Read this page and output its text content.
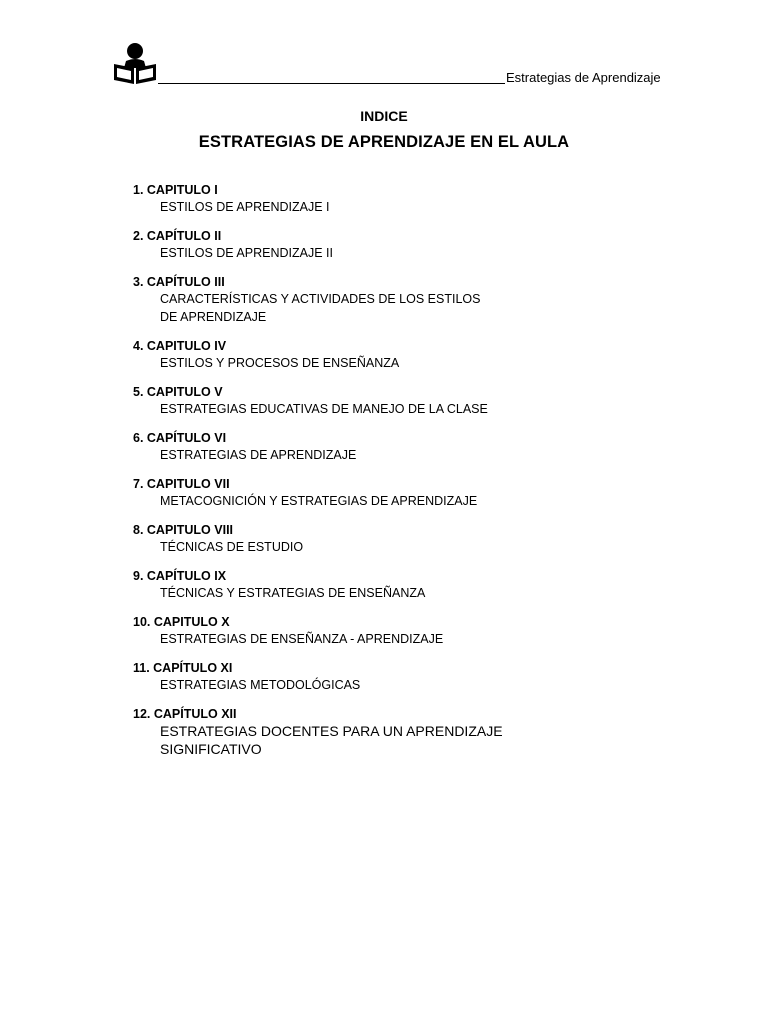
Estrategias de Aprendizaje
INDICE
ESTRATEGIAS DE APRENDIZAJE EN EL AULA
1. CAPITULO I
ESTILOS DE APRENDIZAJE I
2. CAPÍTULO II
ESTILOS DE APRENDIZAJE II
3. CAPÍTULO III
CARACTERÍSTICAS Y ACTIVIDADES DE LOS ESTILOS
DE APRENDIZAJE
4. CAPITULO IV
ESTILOS Y PROCESOS DE ENSEÑANZA
5. CAPITULO V
ESTRATEGIAS EDUCATIVAS DE MANEJO DE LA CLASE
6. CAPÍTULO VI
ESTRATEGIAS DE APRENDIZAJE
7. CAPITULO VII
METACOGNICIÓN Y ESTRATEGIAS DE APRENDIZAJE
8. CAPITULO VIII
TÉCNICAS DE ESTUDIO
9. CAPÍTULO IX
TÉCNICAS Y ESTRATEGIAS DE ENSEÑANZA
10. CAPITULO X
ESTRATEGIAS DE ENSEÑANZA - APRENDIZAJE
11. CAPÍTULO XI
ESTRATEGIAS METODOLÓGICAS
12. CAPÍTULO XII
ESTRATEGIAS DOCENTES PARA UN APRENDIZAJE
SIGNIFICATIVO
